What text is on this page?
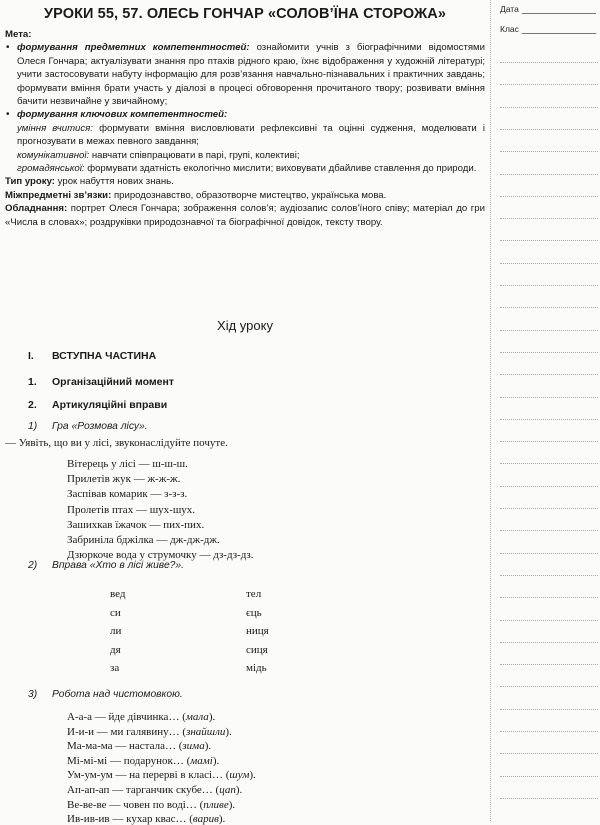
УРОКИ 55, 57. ОЛЕСЬ ГОНЧАР «СОЛОВ’ЇНА СТОРОЖА»
Мета:
• формування предметних компетентностей: ознайомити учнів з біографічними відомостями Олеся Гончара; актуалізувати знання про птахів рідного краю, їхнє відображення у художній літературі; учити застосовувати набуту інформацію для розв’язання навчально-пізнавальних і практичних завдань; формувати вміння брати участь у діалозі в процесі обговорення прочитаного твору; розвивати вміння бачити незвичайне у звичайному;
• формування ключових компетентностей:
уміння вчитися: формувати вміння висловлювати рефлексивні та оцінні судження, моделювати і прогнозувати в межах певного завдання;
комунікативної: навчати співпрацювати в парі, групі, колективі;
громадянської: формувати здатність екологічно мислити; виховувати дбайливе ставлення до природи.
Тип уроку: урок набуття нових знань.
Міжпредметні зв’язки: природознавство, образотворче мистецтво, українська мова.
Обладнання: портрет Олеся Гончара; зображення солов’я; аудіозапис солов’їного співу; матеріал до гри «Числа в словах»; роздруківки природознавчої та біографічної довідок, тексту твору.
Хід уроку
I. ВСТУПНА ЧАСТИНА
1. Організаційний момент
2. Артикуляційні вправи
1) Гра «Розмова лісу».
— Уявіть, що ви у лісі, звуконаслідуйте почуте.
Вітерець у лісі — ш-ш-ш.
Прилетів жук — ж-ж-ж.
Заспівав комарик — з-з-з.
Пролетів птах — шух-шух.
Зашихкав їжачок — пих-пих.
Забриніла бджілка — дж-дж-дж.
Дзюркоче вода у струмочку — дз-дз-дз.
2) Вправа «Хто в лісі живе?».
вед	тел
си	єць
ли	ниця
дя	сиця
за	мідь
3) Робота над чистомовкою.
А-а-а — йде дівчинка… (мала).
И-и-и — ми галявину… (знайшли).
Ма-ма-ма — настала… (зима).
Мі-мі-мі — подарунок… (мамі).
Ум-ум-ум — на перерві в класі… (шум).
Ап-ап-ап — тарганчик скубе… (цап).
Ве-ве-ве — човен по воді… (пливе).
Ив-ив-ив — кухар квас… (варив).
Дата
Клас
